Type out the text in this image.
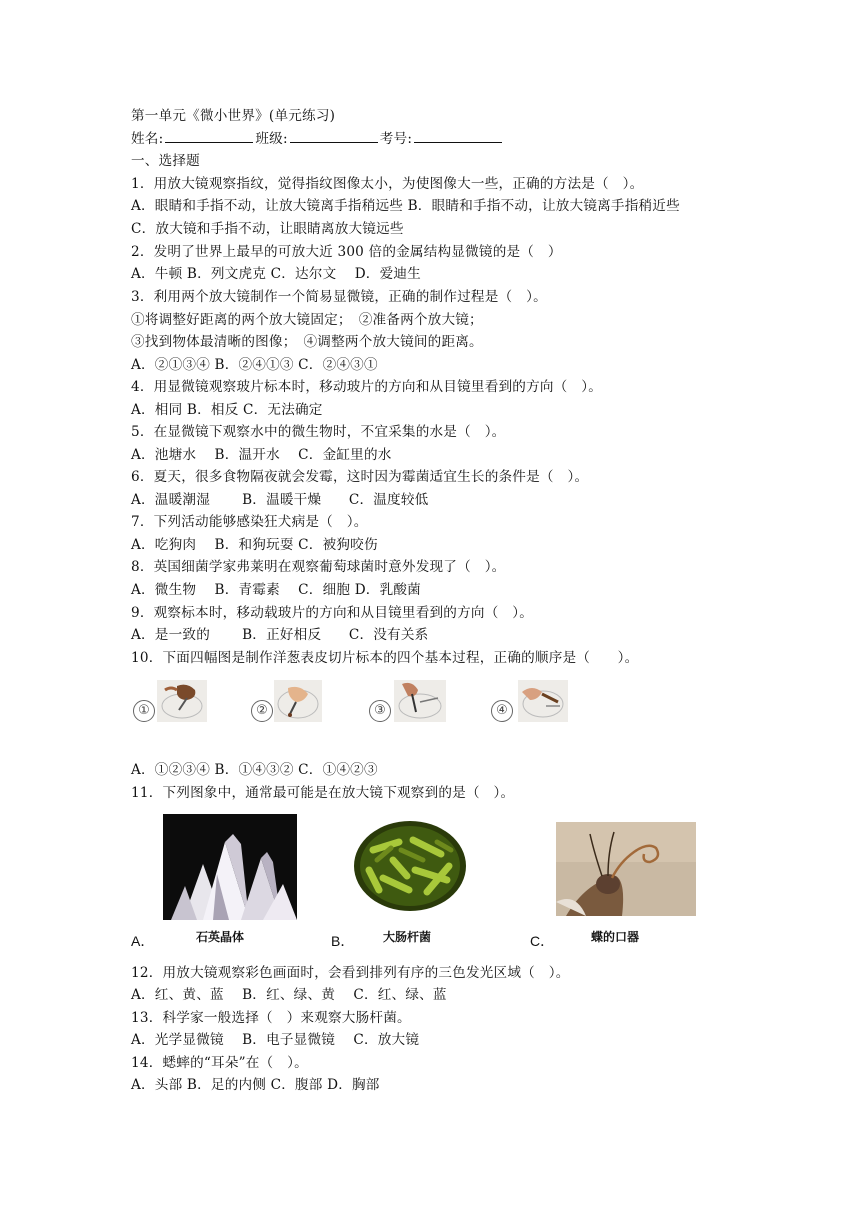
第一单元《微小世界》(单元练习)
姓名:	班级:	考号:
一、选择题
1．用放大镜观察指纹，觉得指纹图像太小，为使图像大一些，正确的方法是（　）。
A．眼睛和手指不动，让放大镜离手指稍远些 B．眼睛和手指不动，让放大镜离手指稍近些
C．放大镜和手指不动，让眼睛离放大镜远些
2．发明了世界上最早的可放大近 300 倍的金属结构显微镜的是（　）
A．牛顿 B．列文虎克 C．达尔文　 D．爱迪生
3．利用两个放大镜制作一个简易显微镜，正确的制作过程是（　）。
①将调整好距离的两个放大镜固定；　②准备两个放大镜；
③找到物体最清晰的图像；　④调整两个放大镜间的距离。
A．②①③④ B．②④①③ C．②④③①
4．用显微镜观察玻片标本时，移动玻片的方向和从目镜里看到的方向（　）。
A．相同 B．相反 C．无法确定
5．在显微镜下观察水中的微生物时，不宜采集的水是（　）。
A．池塘水　 B．温开水　 C．金缸里的水
6．夏天，很多食物隔夜就会发霉，这时因为霉菌适宜生长的条件是（　）。
A．温暖潮湿　　 B．温暖干燥　　C．温度较低
7．下列活动能够感染狂犬病是（　）。
A．吃狗肉　 B．和狗玩耍 C．被狗咬伤
8．英国细菌学家弗莱明在观察葡萄球菌时意外发现了（　）。
A．微生物　 B．青霉素　 C．细胞 D．乳酸菌
9．观察标本时，移动载玻片的方向和从目镜里看到的方向（　）。
A．是一致的　　 B．正好相反　　C．没有关系
10．下面四幅图是制作洋葱表皮切片标本的四个基本过程，正确的顺序是（　　）。
①	②	③	④
A．①②③④ B．①④③② C．①④②③
11．下列图象中，通常最可能是在放大镜下观察到的是（　）。
A．	石英晶体	B． 大肠杆菌	C．	蝶的口器
12．用放大镜观察彩色画面时，会看到排列有序的三色发光区域（　）。
A．红、黄、蓝　 B．红、绿、黄　 C．红、绿、蓝
13．科学家一般选择（　）来观察大肠杆菌。
A．光学显微镜　 B．电子显微镜　 C．放大镜
14．蟋蟀的“耳朵”在（　）。
A．头部 B．足的内侧 C．腹部 D．胸部
